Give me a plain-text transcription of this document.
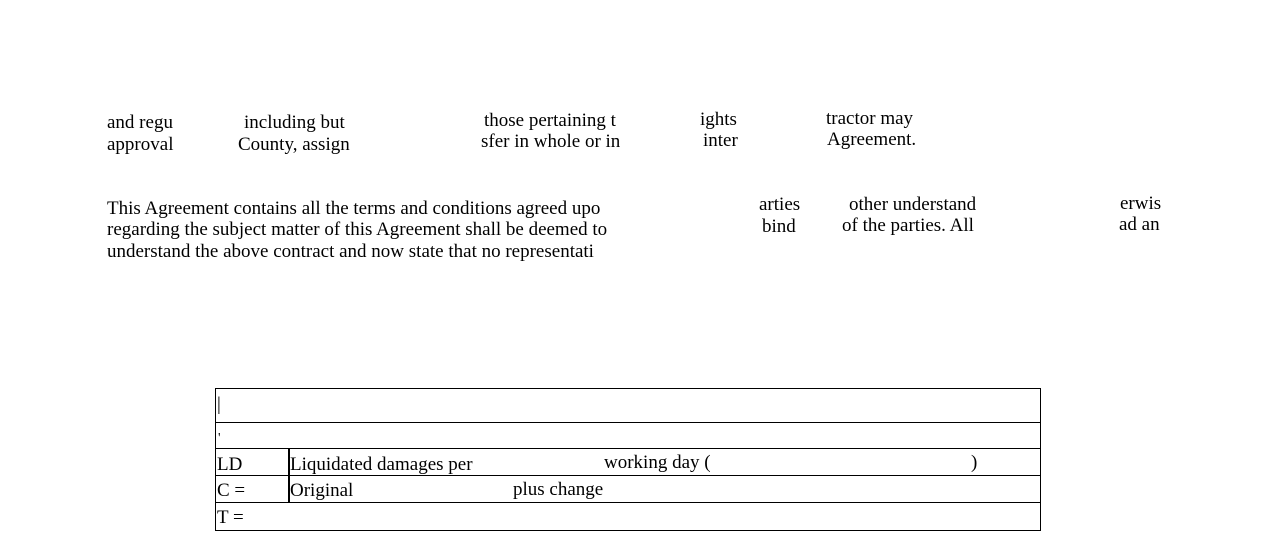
and regu
approval
including but
County, assign
those pertaining t
sfer in whole or in
ights
inter
tractor may
Agreement.
This Agreement contains all the terms and conditions agreed upo
regarding the subject matter of this Agreement shall be deemed to
understand the above contract and now state that no representati
arties
bind
other understand
of the parties. All
erwis
ad an
|
'
LD	Liquidated damages per	working day (	)
C = Original	plus change
T =
